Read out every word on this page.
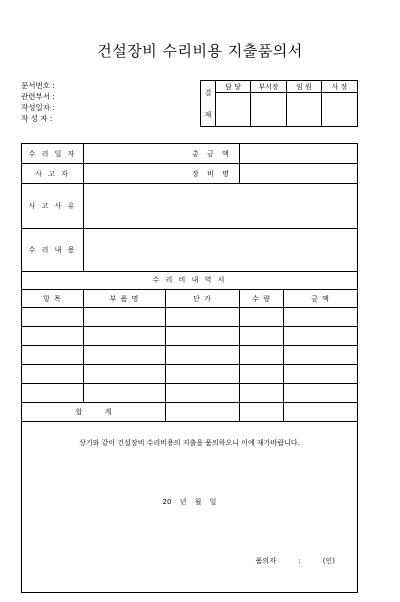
건설장비 수리비용 지출품의서
문서번호 :
관련부서 :
작성일자 :
작 성 자 :
결
재	담 당	부서장	임 원	사 장

수 리 일 자	총 금 액			

사 고 자	장 비 명			

사 고 사 유				
수 리 내 용				
수 리 비 내 역 서				
항 목	부 품 명	단 가	수 량	금 액

합 계				

상기와 같이 건설장비 수리비용의 지출을 품의하오니 이에 재가바랍니다.
20 년 월 일
품의자 : (인)				
